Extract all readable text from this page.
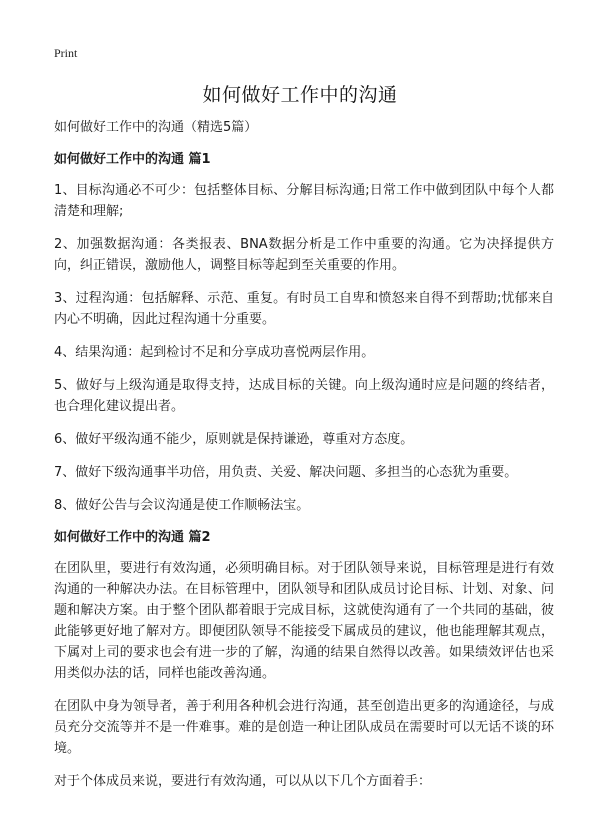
Print
如何做好工作中的沟通

如何做好工作中的沟通（精选5篇）

如何做好工作中的沟通 篇1

1、目标沟通必不可少：包括整体目标、分解目标沟通;日常工作中做到团队中每个人都清楚和理解;

2、加强数据沟通：各类报表、BNA数据分析是工作中重要的沟通。它为决择提供方向，纠正错误，激励他人，调整目标等起到至关重要的作用。

3、过程沟通：包括解释、示范、重复。有时员工自卑和愤怒来自得不到帮助;忧郁来自内心不明确，因此过程沟通十分重要。

4、结果沟通：起到检讨不足和分享成功喜悦两层作用。

5、做好与上级沟通是取得支持，达成目标的关键。向上级沟通时应是问题的终结者，也合理化建议提出者。

6、做好平级沟通不能少，原则就是保持谦逊，尊重对方态度。

7、做好下级沟通事半功倍，用负责、关爱、解决问题、多担当的心态犹为重要。

8、做好公告与会议沟通是使工作顺畅法宝。

如何做好工作中的沟通 篇2

在团队里，要进行有效沟通，必须明确目标。对于团队领导来说，目标管理是进行有效沟通的一种解决办法。在目标管理中，团队领导和团队成员讨论目标、计划、对象、问题和解决方案。由于整个团队都着眼于完成目标，这就使沟通有了一个共同的基础，彼此能够更好地了解对方。即便团队领导不能接受下属成员的建议，他也能理解其观点，下属对上司的要求也会有进一步的了解，沟通的结果自然得以改善。如果绩效评估也采用类似办法的话，同样也能改善沟通。

在团队中身为领导者，善于利用各种机会进行沟通，甚至创造出更多的沟通途径，与成员充分交流等并不是一件难事。难的是创造一种让团队成员在需要时可以无话不谈的环境。

对于个体成员来说，要进行有效沟通，可以从以下几个方面着手：
